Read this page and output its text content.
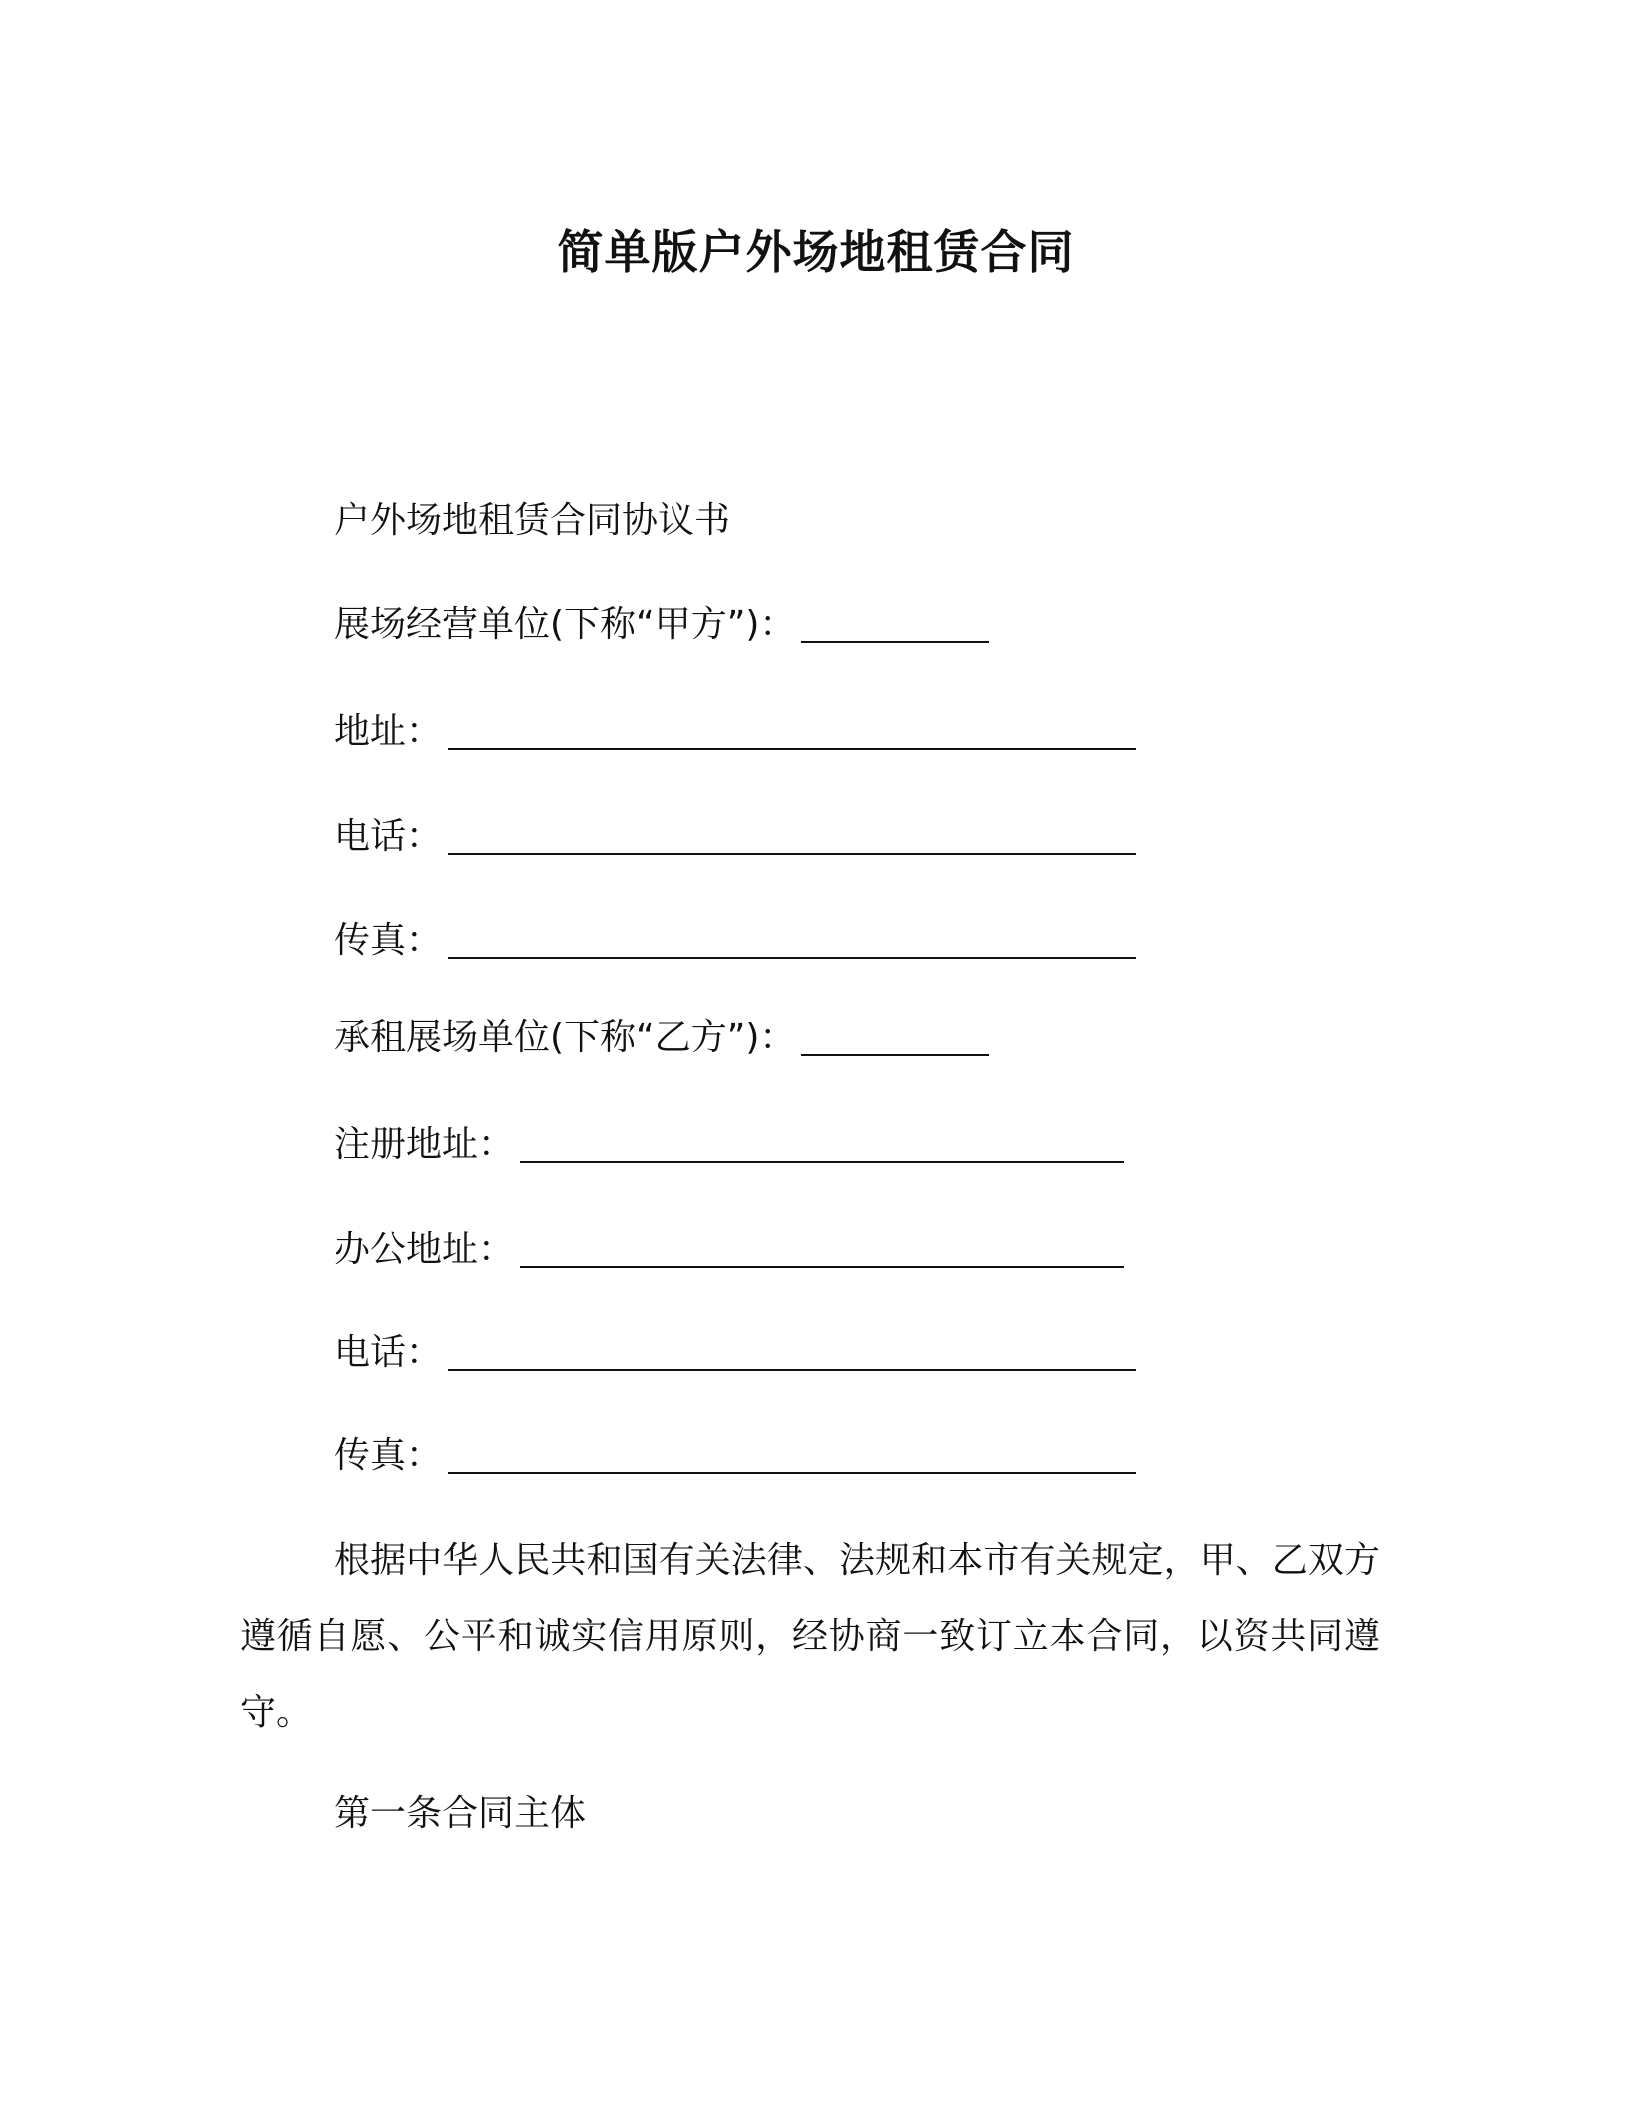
简单版户外场地租赁合同
户外场地租赁合同协议书
展场经营单位(下称“甲方”)：
地址：
电话：
传真：
承租展场单位(下称“乙方”)：
注册地址：
办公地址：
电话：
传真：
根据中华人民共和国有关法律、法规和本市有关规定，甲、乙双方遵循自愿、公平和诚实信用原则，经协商一致订立本合同，以资共同遵守。
第一条合同主体
